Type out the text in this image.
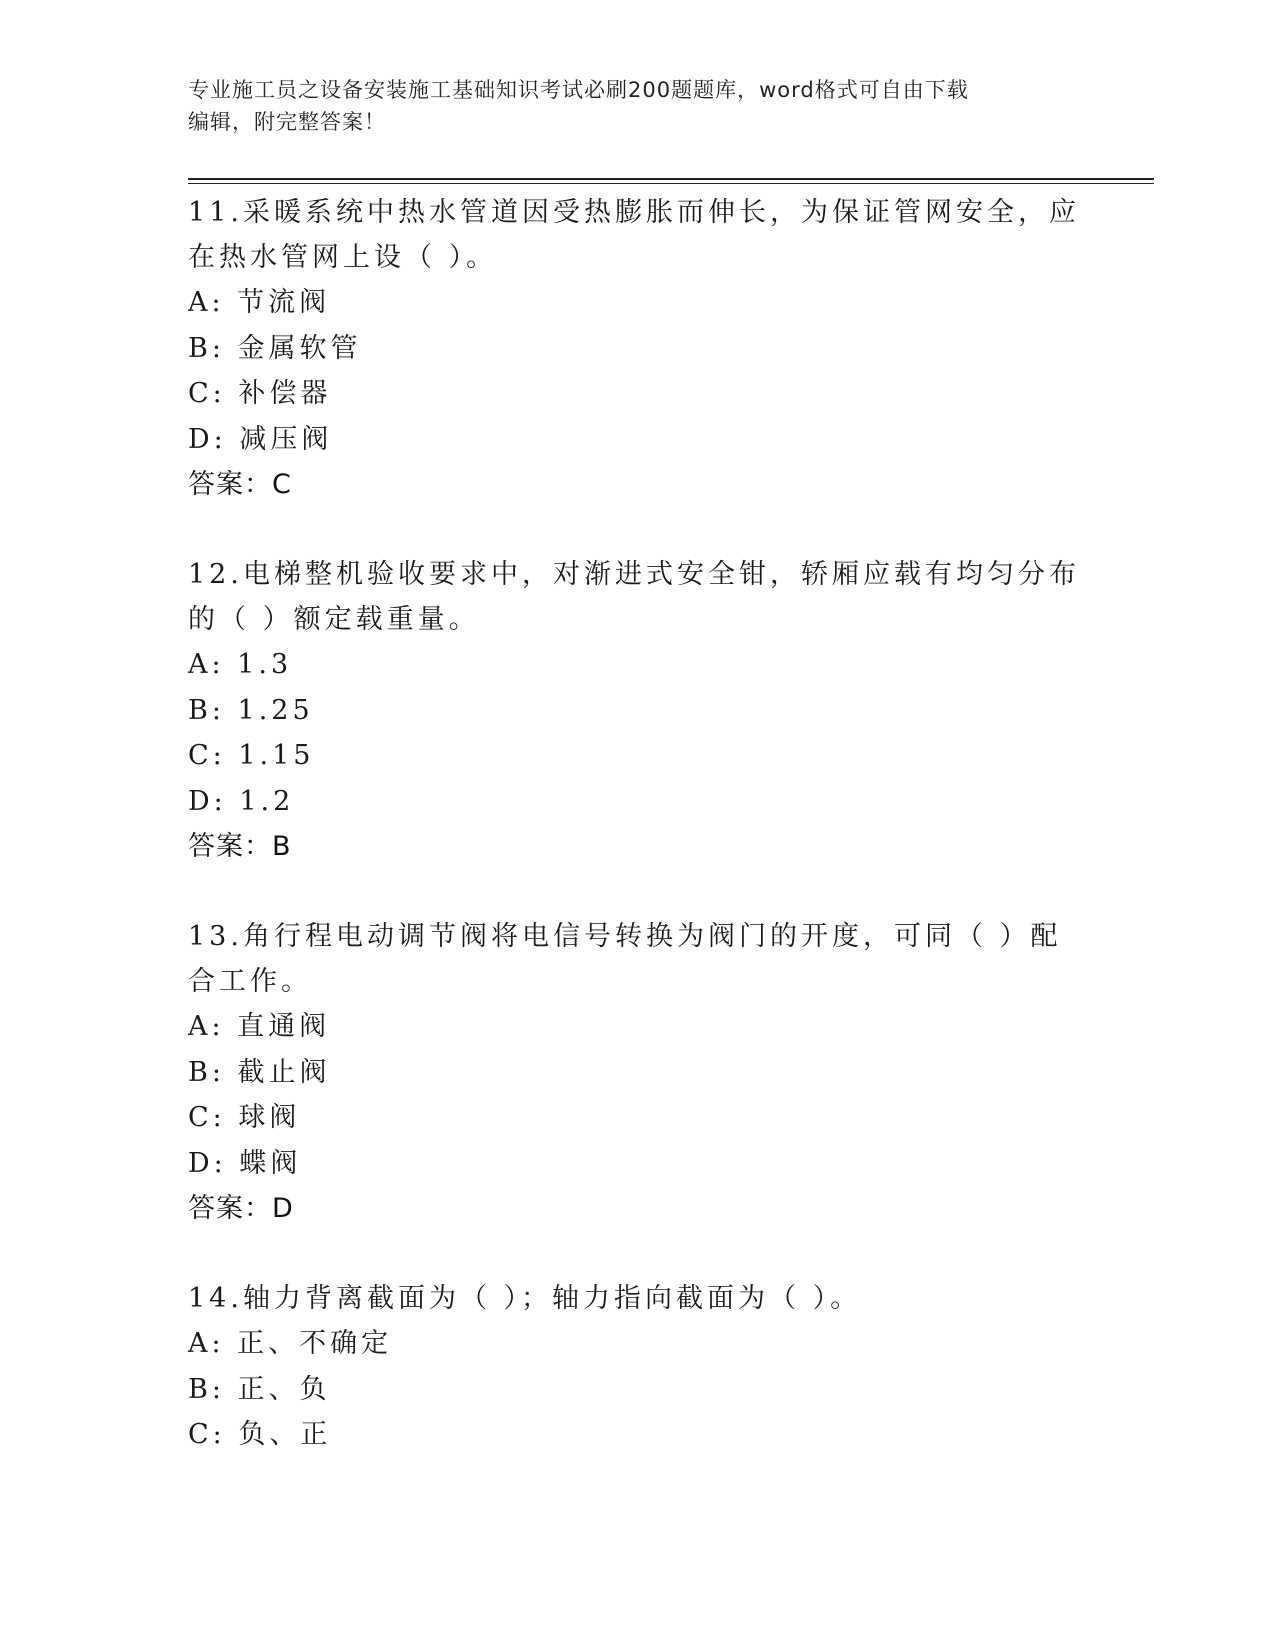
专业施工员之设备安装施工基础知识考试必刷200题题库，word格式可自由下载
编辑，附完整答案！

11.采暖系统中热水管道因受热膨胀而伸长，为保证管网安全，应在热水管网上设（ ）。

A: 节流阀

B: 金属软管

C: 补偿器

D: 减压阀

答案：C

12.电梯整机验收要求中，对渐进式安全钳，轿厢应载有均匀分布的（ ）额定载重量。

A: 1.3

B: 1.25

C: 1.15

D: 1.2

答案：B

13.角行程电动调节阀将电信号转换为阀门的开度，可同（ ）配合工作。

A: 直通阀

B: 截止阀

C: 球阀

D: 蝶阀

答案：D

14.轴力背离截面为（ ）；轴力指向截面为（ ）。

A: 正、不确定

B: 正、负

C: 负、正
